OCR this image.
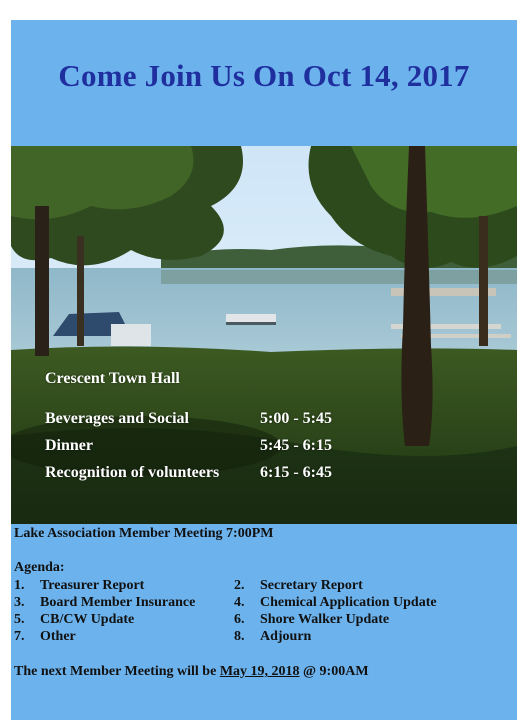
Come Join Us On Oct 14, 2017
Crescent Town Hall
Beverages and Social	5:00 - 5:45
Dinner	5:45 - 6:15
Recognition of volunteers	6:15 - 6:45
Lake Association Member Meeting 7:00PM
Agenda:
1. Treasurer Report	2. Secretary Report
3. Board Member Insurance	4. Chemical Application Update
5. CB/CW Update	6. Shore Walker Update
7. Other	8. Adjourn
The next Member Meeting will be May 19, 2018 @ 9:00AM
